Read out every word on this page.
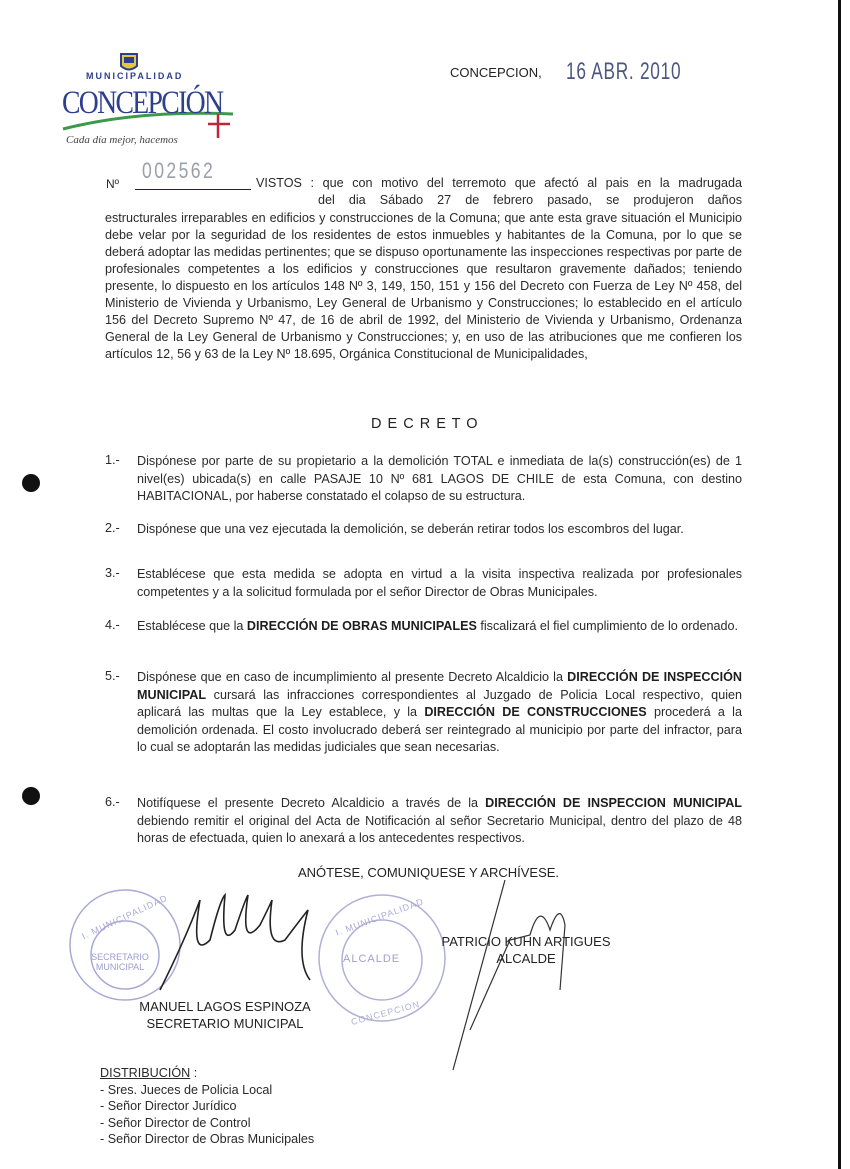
MUNICIPALIDAD
CONCEPCIÓN
Cada día mejor, hacemos
CONCEPCION, 16 ABR. 2010
Nº
002562	VISTOS : que con motivo del terremoto que afectó al pais en la madrugada
del dia Sábado 27 de febrero pasado, se produjeron daños
estructurales irreparables en edificios y construcciones de la Comuna; que ante esta grave situación el Municipio debe velar por la seguridad de los residentes de estos inmuebles y habitantes de la Comuna, por lo que se deberá adoptar las medidas pertinentes; que se dispuso oportunamente las inspecciones respectivas por parte de profesionales competentes a los edificios y construcciones que resultaron gravemente dañados; teniendo presente, lo dispuesto en los artículos 148 Nº 3, 149, 150, 151 y 156 del Decreto con Fuerza de Ley Nº 458, del Ministerio de Vivienda y Urbanismo, Ley General de Urbanismo y Construcciones; lo establecido en el artículo 156 del Decreto Supremo Nº 47, de 16 de abril de 1992, del Ministerio de Vivienda y Urbanismo, Ordenanza General de la Ley General de Urbanismo y Construcciones; y, en uso de las atribuciones que me confieren los artículos 12, 56 y 63 de la Ley Nº 18.695, Orgánica Constitucional de Municipalidades,
D E C R E T O
1.- Dispónese por parte de su propietario a la demolición TOTAL e inmediata de la(s) construcción(es) de 1 nivel(es) ubicada(s) en calle PASAJE 10 Nº 681 LAGOS DE CHILE de esta Comuna, con destino HABITACIONAL, por haberse constatado el colapso de su estructura.
2.- Dispónese que una vez ejecutada la demolición, se deberán retirar todos los escombros del lugar.
3.- Establécese que esta medida se adopta en virtud a la visita inspectiva realizada por profesionales competentes y a la solicitud formulada por el señor Director de Obras Municipales.
4.- Establécese que la DIRECCIÓN DE OBRAS MUNICIPALES fiscalizará el fiel cumplimiento de lo ordenado.
5.- Dispónese que en caso de incumplimiento al presente Decreto Alcaldicio la DIRECCIÓN DE INSPECCIÓN MUNICIPAL cursará las infracciones correspondientes al Juzgado de Policia Local respectivo, quien aplicará las multas que la Ley establece, y la DIRECCIÓN DE CONSTRUCCIONES procederá a la demolición ordenada. El costo involucrado deberá ser reintegrado al municipio por parte del infractor, para lo cual se adoptarán las medidas judiciales que sean necesarias.
6.- Notifíquese el presente Decreto Alcaldicio a través de la DIRECCIÓN DE INSPECCION MUNICIPAL debiendo remitir el original del Acta de Notificación al señor Secretario Municipal, dentro del plazo de 48 horas de efectuada, quien lo anexará a los antecedentes respectivos.
ANÓTESE, COMUNIQUESE Y ARCHÍVESE.
SECRETARIO MUNICIPAL
I. MUNICIPALIDAD
ALCALDE
I. MUNICIPALIDAD
CONCEPCION
PATRICIO KUHN ARTIGUES
ALCALDE
MANUEL LAGOS ESPINOZA
SECRETARIO MUNICIPAL
DISTRIBUCIÓN :
- Sres. Jueces de Policia Local
- Señor Director Jurídico
- Señor Director de Control
- Señor Director de Obras Municipales
